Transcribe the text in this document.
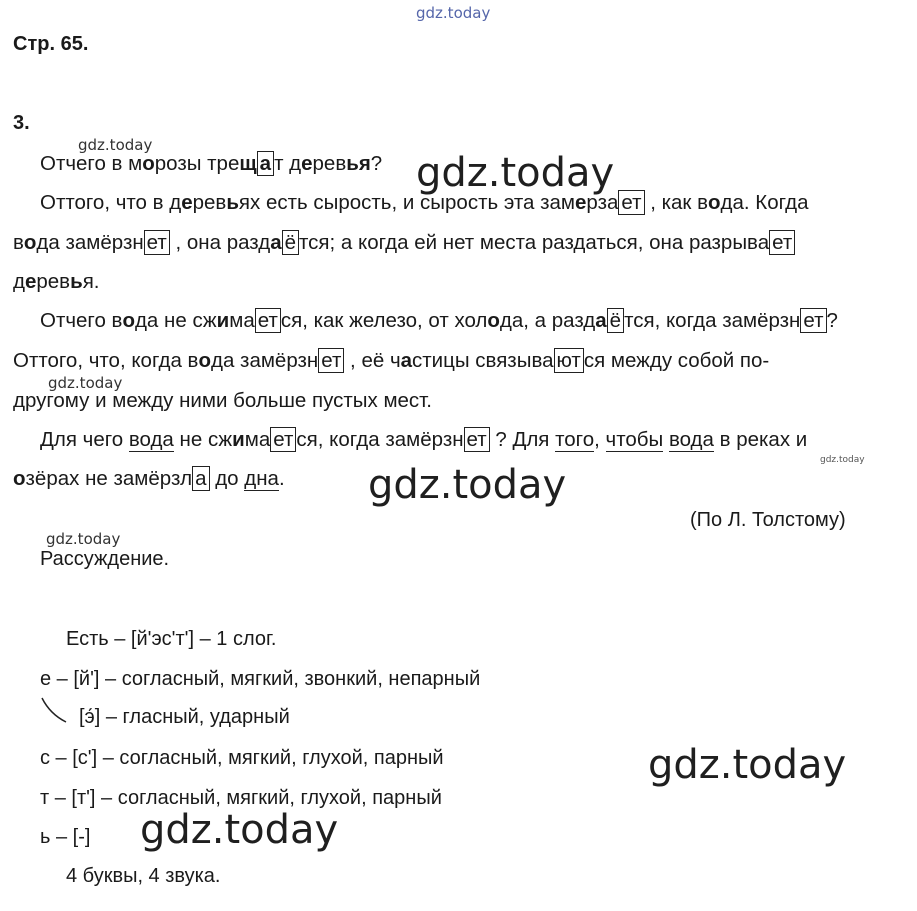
gdz.today
Стр. 65.
3.
Отчего в морозы трещ а т деревья?
Оттого, что в деревьях есть сырость, и сырость эта замерза ет , как вода. Когда
вода замёрзн ет , она разда ё тся; а когда ей нет места раздаться, она разрыва ет
деревья.
Отчего вода не сжима ет ся, как железо, от холода, а разда ё тся, когда замёрзн ет ?
Оттого, что, когда вода замёрзн ет , её частицы связыва ют ся между собой по-
другому и между ними больше пустых мест.
Для чего вода не сжима ет ся, когда замёрзн ет ? Для того, чтобы вода в реках и
озёрах не замёрзл а до дна.
(По Л. Толстому)
Рассуждение.
Есть – [й'эс'т'] – 1 слог.
е – [й'] – согласный, мягкий, звонкий, непарный
[э́] – гласный, ударный
с – [с'] – согласный, мягкий, глухой, парный
т – [т'] – согласный, мягкий, глухой, парный
ь – [-]
4 буквы, 4 звука.
gdz.today
gdz.today
gdz.today
gdz.today
gdz.today
gdz.today
gdz.today
gdz.today
